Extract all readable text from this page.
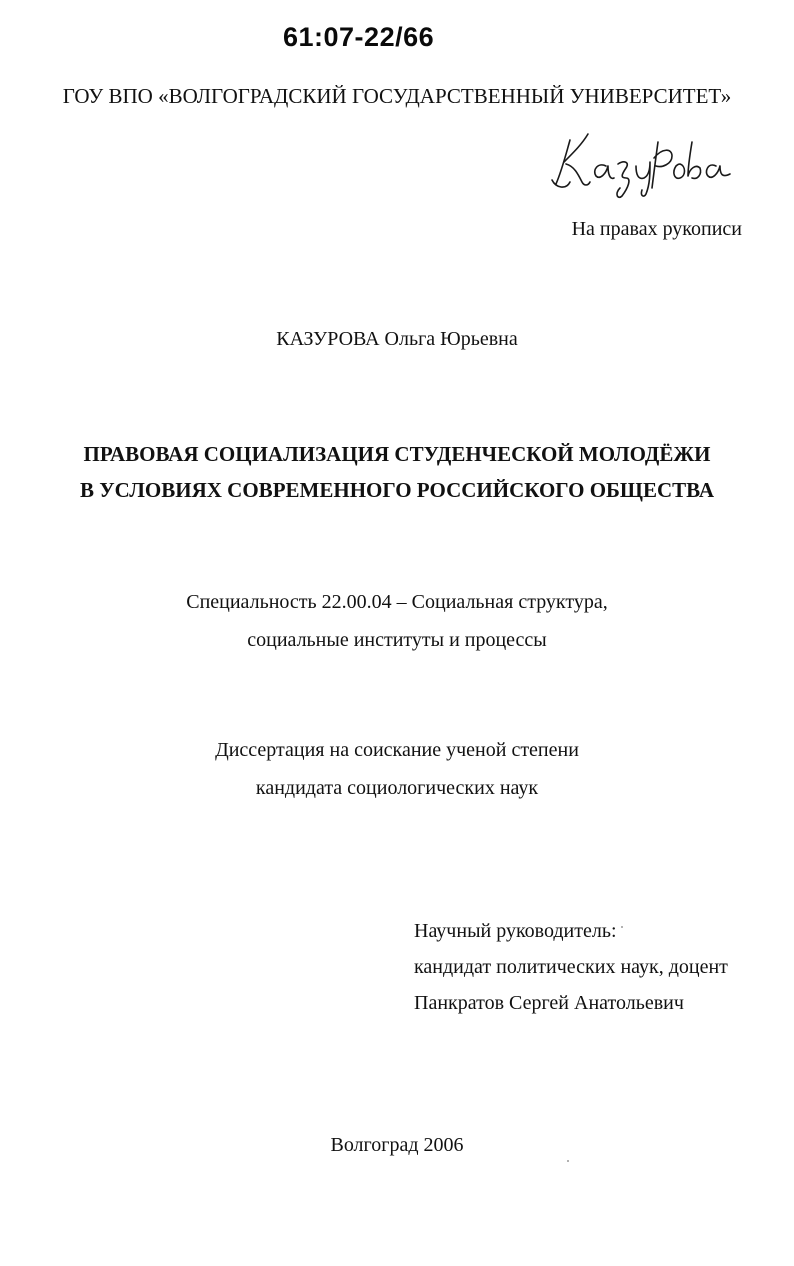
61:07-22/66
ГОУ ВПО «ВОЛГОГРАДСКИЙ ГОСУДАРСТВЕННЫЙ УНИВЕРСИТЕТ»
На правах рукописи
КАЗУРОВА Ольга Юрьевна
ПРАВОВАЯ СОЦИАЛИЗАЦИЯ СТУДЕНЧЕСКОЙ МОЛОДЁЖИ
В УСЛОВИЯХ СОВРЕМЕННОГО РОССИЙСКОГО ОБЩЕСТВА
Специальность 22.00.04 – Социальная структура,
социальные институты и процессы
Диссертация на соискание ученой степени
кандидата социологических наук
Научный руководитель:
кандидат политических наук, доцент
Панкратов Сергей Анатольевич
Волгоград 2006
